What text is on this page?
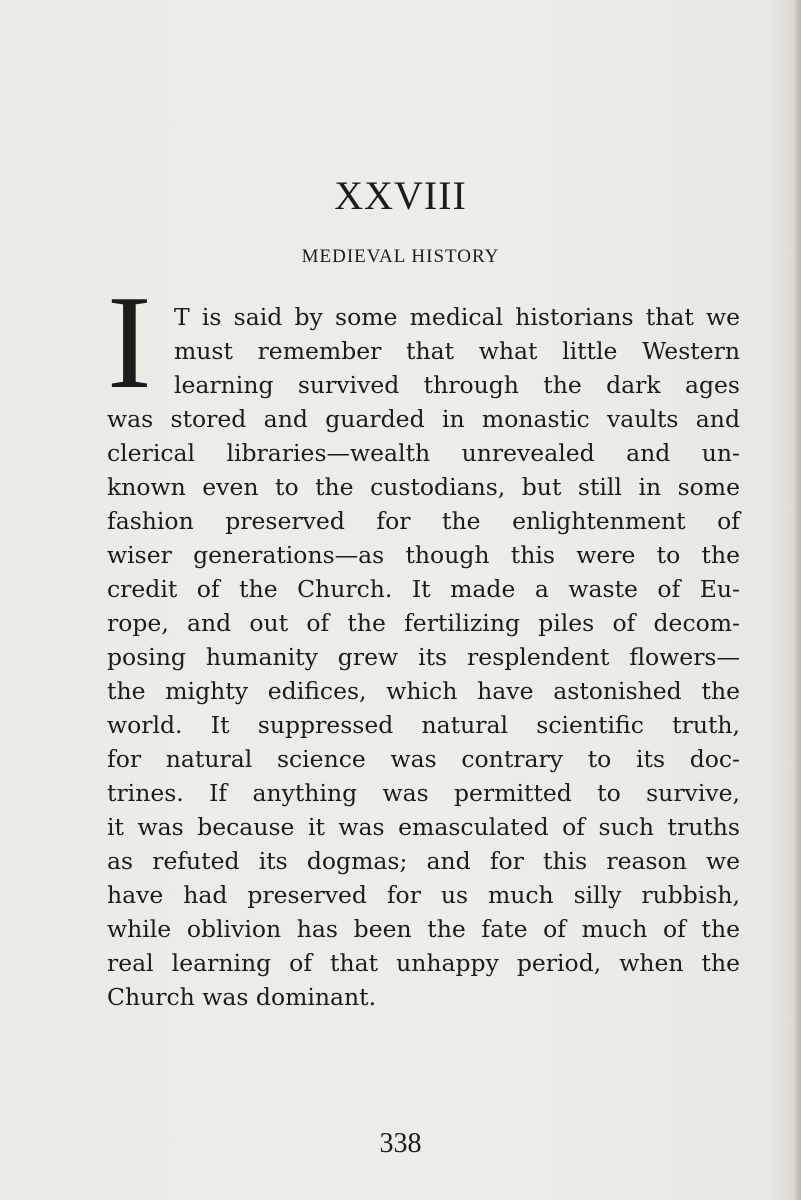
XXVIII
MEDIEVAL HISTORY
I T is said by some medical historians that we

must remember that what little Western

learning survived through the dark ages

was stored and guarded in monastic vaults and

clerical libraries—wealth unrevealed and un-

known even to the custodians, but still in some

fashion preserved for the enlightenment of

wiser generations—as though this were to the

credit of the Church. It made a waste of Eu-

rope, and out of the fertilizing piles of decom-

posing humanity grew its resplendent flowers—

the mighty edifices, which have astonished the

world. It suppressed natural scientific truth,

for natural science was contrary to its doc-

trines. If anything was permitted to survive,

it was because it was emasculated of such truths

as refuted its dogmas; and for this reason we

have had preserved for us much silly rubbish,

while oblivion has been the fate of much of the

real learning of that unhappy period, when the

Church was dominant.

338
